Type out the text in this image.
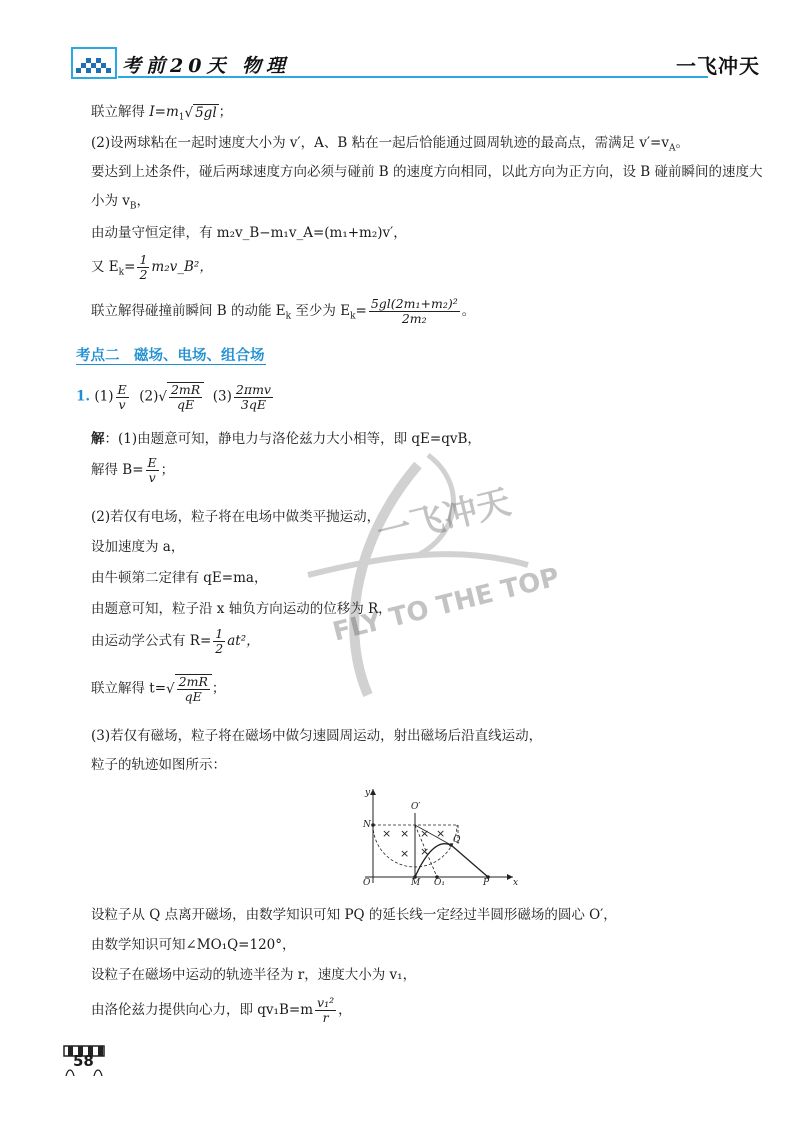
考前20天 物理	一飞冲天
联立解得 $I=m_1√$ 5gl ；
(2)设两球粘在一起时速度大小为 v′，A、B 粘在一起后恰能通过圆周轨迹的最高点，需满足 $v'=v_A$。
要达到上述条件，碰后两球速度方向必须与碰前 B 的速度方向相同，以此方向为正方向，设 B 碰前瞬间的速度大
小为 $v_B$，
由动量守恒定律，有 m₂v_B−m₁v_A=(m₁+m₂)v′，
又 $E_k= \frac{1}{2}$ m₂v_B²，
联立解得碰撞前瞬间 B 的动能 $E_k$ 至少为 $E_k= \frac{\text{5gl(2m₁+m₂)²}}{\text{2m₂}}$ 。
考点二　磁场、电场、组合场
1. $(1) \frac{E}{v} (2)√ \frac{2mR}{qE} (3) \frac{\text{2πmv}}{3qE}$
解：(1)由题意可知，静电力与洛伦兹力大小相等，即 qE=qvB，
解得 $B= \frac{E}{v}$ ；
(2)若仅有电场，粒子将在电场中做类平抛运动，
设加速度为 a，
由牛顿第二定律有 qE=ma，
由题意可知，粒子沿 x 轴负方向运动的位移为 R，
由运动学公式有 $R= \frac{1}{2} at^2$，
联立解得 $t=√ \frac{2mR}{qE}$ ；
(3)若仅有磁场，粒子将在磁场中做匀速圆周运动，射出磁场后沿直线运动，
粒子的轨迹如图所示：
× × × ×
× ×
y
x
O
O′
N
M O₁	P
Q
设粒子从 Q 点离开磁场，由数学知识可知 PQ 的延长线一定经过半圆形磁场的圆心 O′，
由数学知识可知∠MO₁Q=120°，
设粒子在磁场中运动的轨迹半径为 r，速度大小为 v₁，
由洛伦兹力提供向心力，即 $qv_1B=m \frac{\text{v₁²}}{r}$ ，
一飞冲天
FLY TO THE TOP
58
